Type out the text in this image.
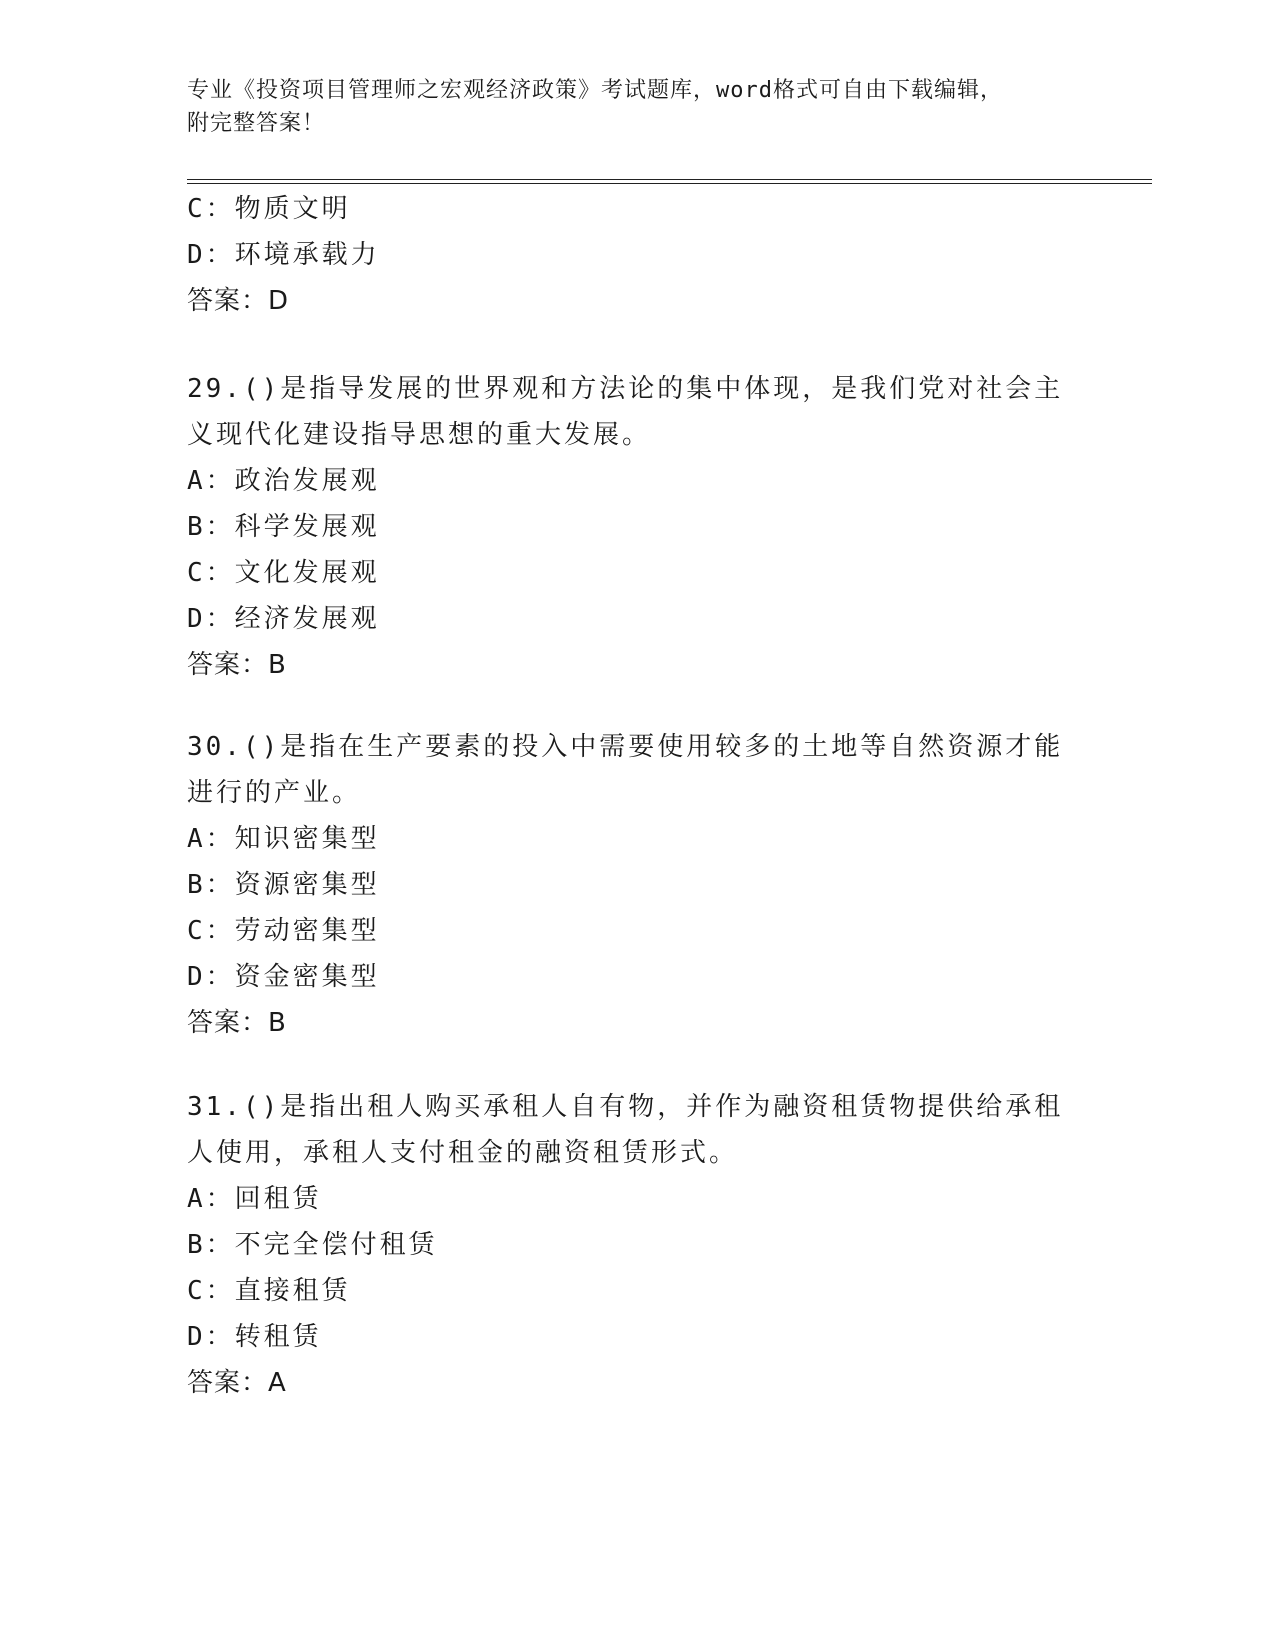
专业《投资项目管理师之宏观经济政策》考试题库，word格式可自由下载编辑，
附完整答案！
C：物质文明
D：环境承载力
答案：D
29.()是指导发展的世界观和方法论的集中体现，是我们党对社会主义现代化建设指导思想的重大发展。
A：政治发展观
B：科学发展观
C：文化发展观
D：经济发展观
答案：B
30.()是指在生产要素的投入中需要使用较多的土地等自然资源才能进行的产业。
A：知识密集型
B：资源密集型
C：劳动密集型
D：资金密集型
答案：B
31.()是指出租人购买承租人自有物，并作为融资租赁物提供给承租人使用，承租人支付租金的融资租赁形式。
A：回租赁
B：不完全偿付租赁
C：直接租赁
D：转租赁
答案：A
